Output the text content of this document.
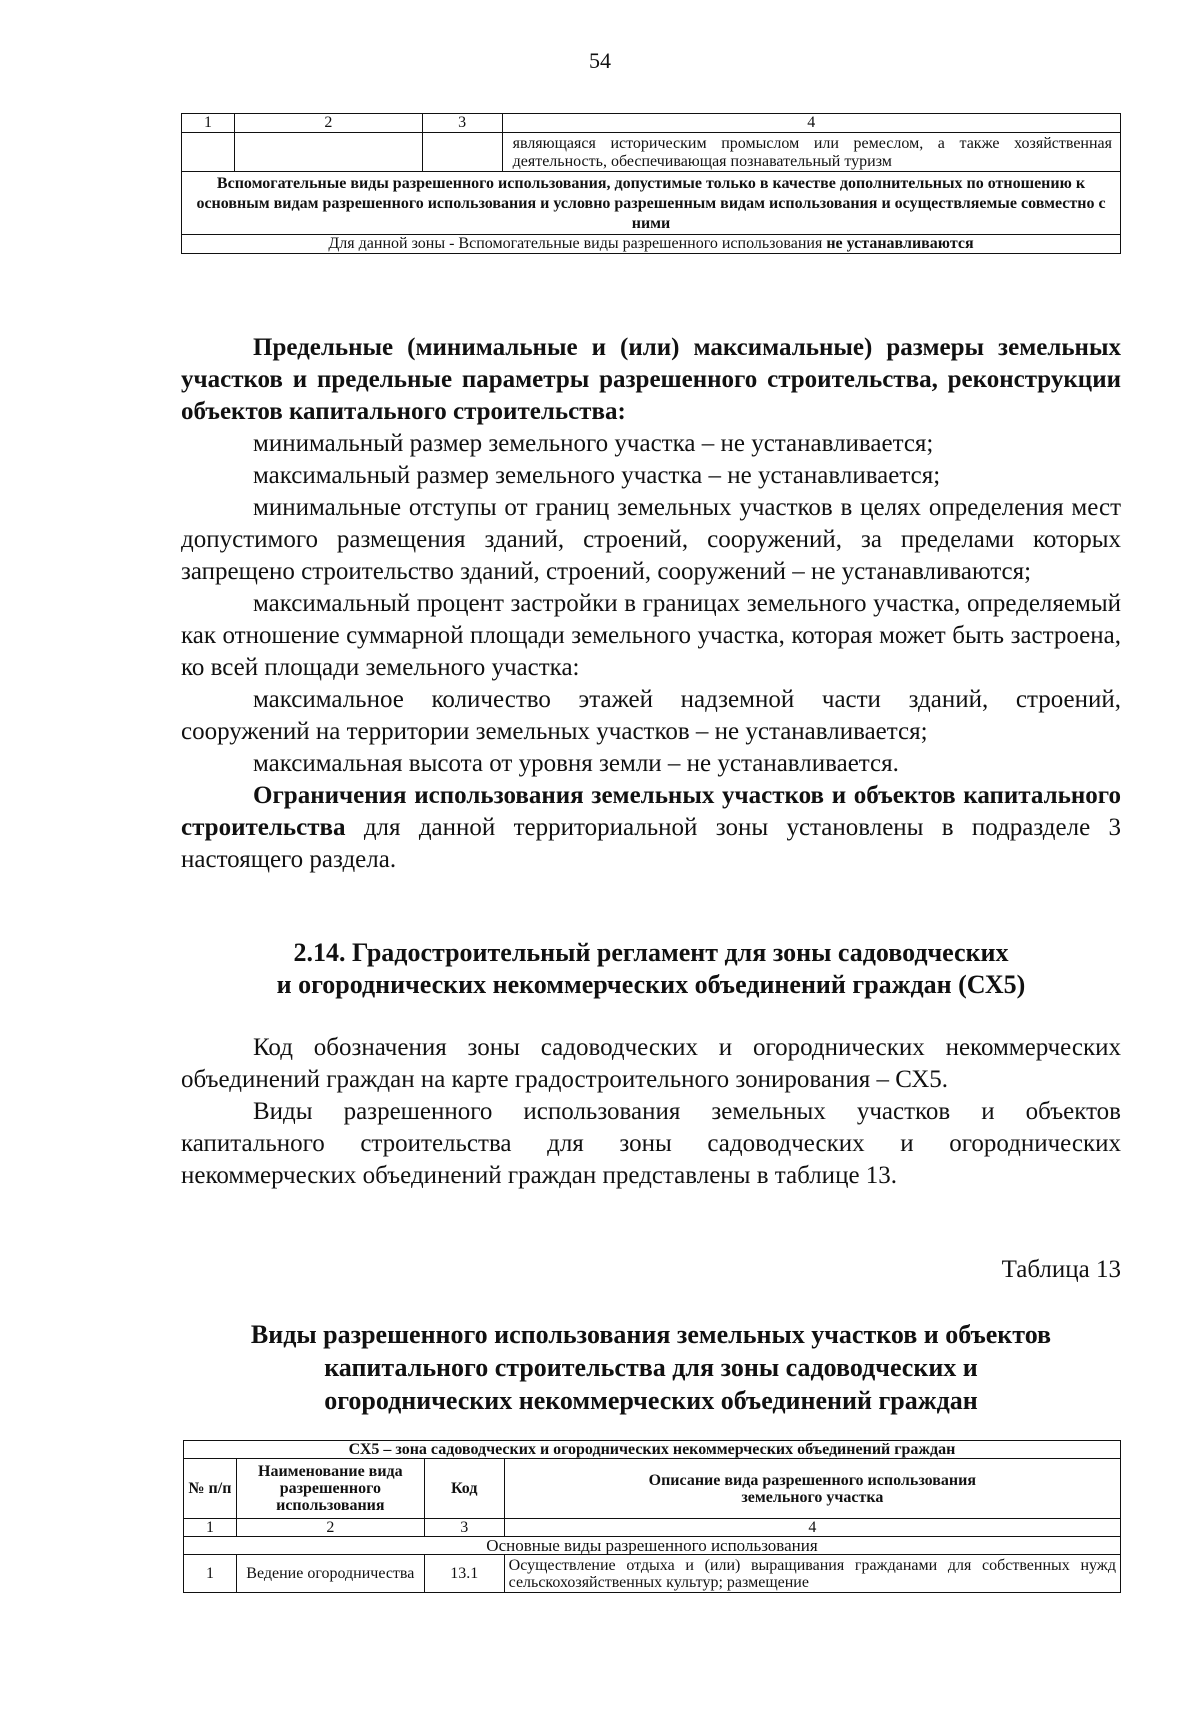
54
1	2	3	4
			являющаяся историческим промыслом или ремеслом, а также хозяйственная деятельность, обеспечивающая познавательный туризм
Вспомогательные виды разрешенного использования, допустимые только в качестве дополнительных по отношению к основным видам разрешенного использования и условно разрешенным видам использования и осуществляемые совместно с ними			
Для данной зоны - Вспомогательные виды разрешенного использования не устанавливаются			

Предельные (минимальные и (или) максимальные) размеры земельных участков и предельные параметры разрешенного строительства, реконструкции объектов капитального строительства:

минимальный размер земельного участка – не устанавливается;

максимальный размер земельного участка – не устанавливается;

минимальные отступы от границ земельных участков в целях определения мест допустимого размещения зданий, строений, сооружений, за пределами которых запрещено строительство зданий, строений, сооружений – не устанавливаются;

максимальный процент застройки в границах земельного участка, определяемый как отношение суммарной площади земельного участка, которая может быть застроена, ко всей площади земельного участка:

максимальное количество этажей надземной части зданий, строений, сооружений на территории земельных участков – не устанавливается;

максимальная высота от уровня земли – не устанавливается.

Ограничения использования земельных участков и объектов капитального строительства для данной территориальной зоны установлены в подразделе 3 настоящего раздела.

2.14. Градостроительный регламент для зоны садоводческих
и огороднических некоммерческих объединений граждан (СХ5)

Код обозначения зоны садоводческих и огороднических некоммерческих объединений граждан на карте градостроительного зонирования – СХ5.

Виды разрешенного использования земельных участков и объектов капитального строительства для зоны садоводческих и огороднических некоммерческих объединений граждан представлены в таблице 13.

Таблица 13
Виды разрешенного использования земельных участков и объектов
капитального строительства для зоны садоводческих и
огороднических некоммерческих объединений граждан
СХ5 – зона садоводческих и огороднических некоммерческих объединений граждан			
№ п/п	Наименование вида разрешенного использования	Код	Описание вида разрешенного использования земельного участка
1	2	3	4
Основные виды разрешенного использования			
1	Ведение огородничества	13.1	Осуществление отдыха и (или) выращивания гражданами для собственных нужд сельскохозяйственных культур; размещение
